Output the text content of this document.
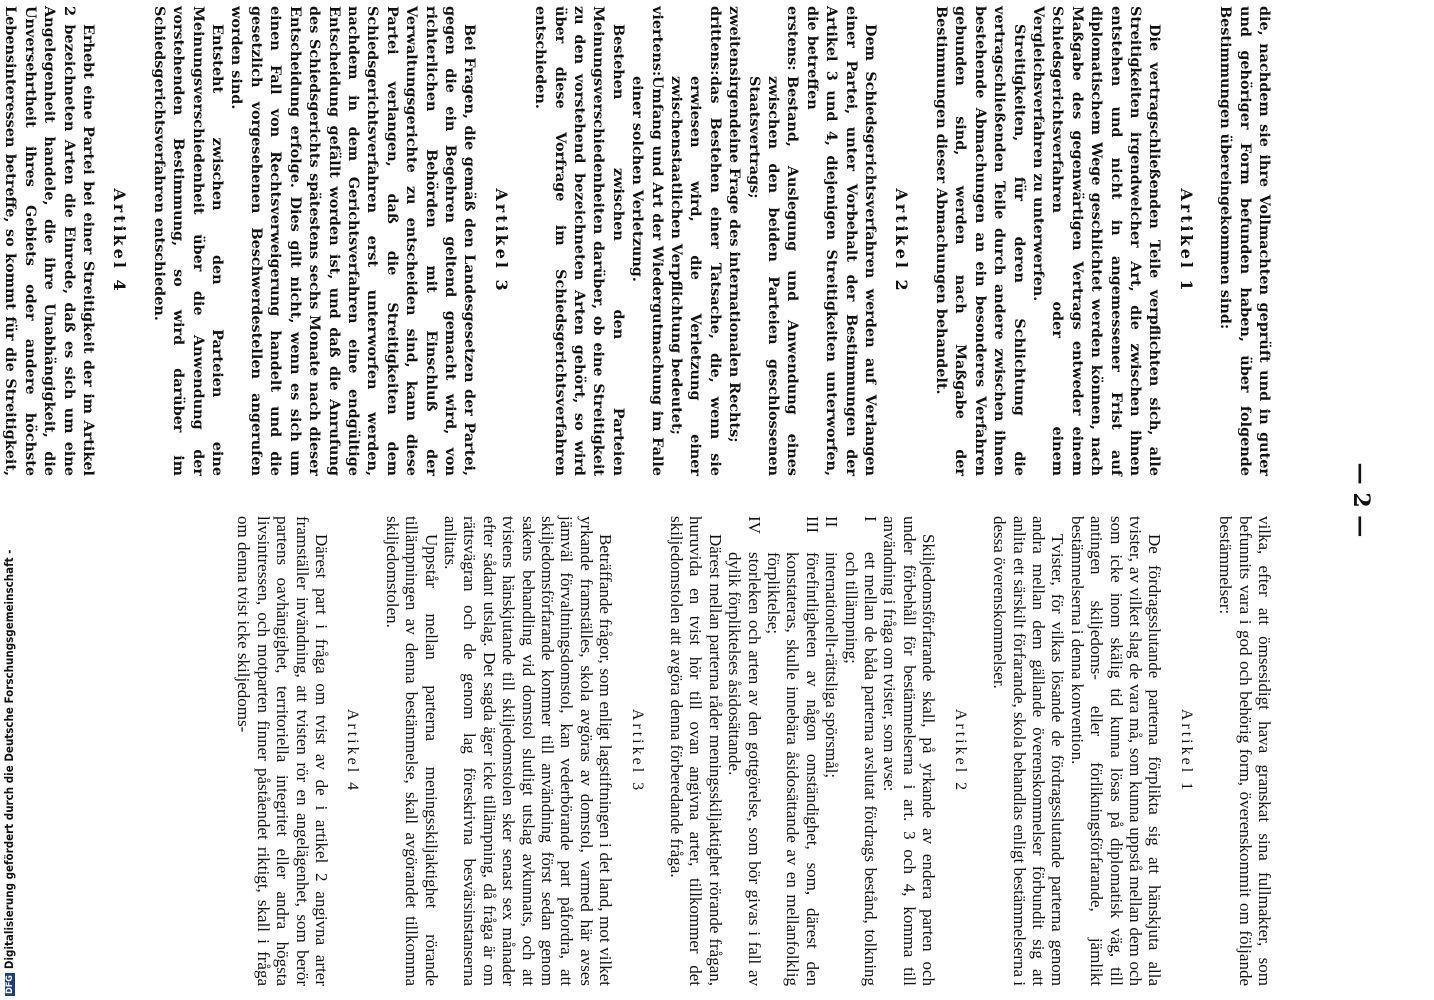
— 2 —

die, nachdem sie ihre Vollmachten geprüft und in guter und gehöriger Form befunden haben, über folgende Bestimmungen übereingekommen sind:

Artikel 1

Die vertragschließenden Teile verpflichten sich, alle Streitigkeiten irgendwelcher Art, die zwischen ihnen entstehen und nicht in angemessener Frist auf diplomatischem Wege geschlichtet werden können, nach Maßgabe des gegenwärtigen Vertrags entweder einem Schiedsgerichtsverfahren oder einem Vergleichsverfahren zu unterwerfen.

Streitigkeiten, für deren Schlichtung die vertragschließenden Teile durch andere zwischen ihnen bestehende Abmachungen an ein besonderes Verfahren gebunden sind, werden nach Maßgabe der Bestimmungen dieser Abmachungen behandelt.

Artikel 2

Dem Schiedsgerichtsverfahren werden auf Verlangen einer Partei, unter Vorbehalt der Bestimmungen der Artikel 3 und 4, diejenigen Streitigkeiten unterworfen, die betreffen

erstens:
Bestand, Auslegung und Anwendung eines zwischen den beiden Parteien geschlossenen Staatsvertrags;

zweitens:
irgendeine Frage des internationalen Rechts;

drittens:
das Bestehen einer Tatsache, die, wenn sie erwiesen wird, die Verletzung einer zwischenstaatlichen Verpflichtung bedeutet;

viertens:
Umfang und Art der Wiedergutmachung im Falle einer solchen Verletzung.

Bestehen zwischen den Parteien Meinungsverschiedenheiten darüber, ob eine Streitigkeit zu den vorstehend bezeichneten Arten gehört, so wird über diese Vorfrage im Schiedsgerichtsverfahren entschieden.

Artikel 3

Bei Fragen, die gemäß den Landesgesetzen der Partei, gegen die ein Begehren geltend gemacht wird, von richterlichen Behörden mit Einschluß der Verwaltungsgerichte zu entscheiden sind, kann diese Partei verlangen, daß die Streitigkeiten dem Schiedsgerichtsverfahren erst unterworfen werden, nachdem in dem Gerichtsverfahren eine endgültige Entscheidung gefällt worden ist, und daß die Anrufung des Schiedsgerichts spätestens sechs Monate nach dieser Entscheidung erfolge. Dies gilt nicht, wenn es sich um einen Fall von Rechtsverweigerung handelt und die gesetzlich vorgesehenen Beschwerdestellen angerufen worden sind.

Entsteht zwischen den Parteien eine Meinungsverschiedenheit über die Anwendung der vorstehenden Bestimmung, so wird darüber im Schiedsgerichtsverfahren entschieden.

Artikel 4

Erhebt eine Partei bei einer Streitigkeit der im Artikel 2 bezeichneten Arten die Einrede, daß es sich um eine Angelegenheit handele, die ihre Unabhängigkeit, die Unversehrtheit ihres Gebiets oder andere höchste Lebensinteressen betreffe, so kommt für die Streitigkeit,

vilka, efter att ömsesidigt hava granskat sina fullmakter, som befunnits vara i god och behörig form, överenskommit om följande bestämmelser:

Artikel 1

De fördragsslutande parterna förplikta sig att hänskjuta alla tvister, av vilket slag de vara må, som kunna uppstå mellan dem och som icke inom skälig tid kunna lösas på diplomatisk väg, till antingen skiljedoms- eller förlikningsförfarande, jämlikt bestämmelserna i denna konvention.

Tvister, för vilkas lösande de fördragsslutande parterna genom andra mellan dem gällande överenskommelser förbundit sig att anlita ett särskilt förfarande, skola behandlas enligt bestämmelserna i dessa överenskommelser.

Artikel 2

Skiljedomsförfarande skall, på yrkande av endera parten och under förbehåll för bestämmelserna i art. 3 och 4, komma till användning i fråga om tvister, som avse:

I
ett mellan de båda parterna avslutat fördrags bestånd, tolkning och tillämpning;

II
internationellt-rättsliga spörsmål;

III
förefintligheten av någon omständighet, som, därest den konstateras, skulle innebära åsidosättande av en mellanfolklig förpliktelse;

IV
storleken och arten av den gottgörelse, som bör givas i fall av dylik förpliktelses åsidosättande.

Därest mellan parterna råder meningsskiljaktighet rörande frågan, huruvida en tvist hör till ovan angivna arter, tillkommer det skiljedomstolen att avgöra denna förberedande fråga.

Artikel 3

Beträffande frågor, som enligt lagstiftningen i det land, mot vilket yrkande framställes, skola avgöras av domstol, varmed här avses jämväl förvaltningsdomstol, kan vederbörande part påfordra, att skiljedomsförfarande kommer till användning först sedan genom sakens behandling vid domstol slutligt utslag avkunnats, och att tvistens hänskjutande till skiljedomstolen sker senast sex månader efter sådant utslag. Det sagda äger icke tillämpning, då fråga är om rättsvägran och de genom lag föreskrivna besvärsinstanserna anlitats.

Uppstår mellan parterna meningsskiljaktighet rörande tillämpningen av denna bestämmelse, skall avgörandet tillkomma skiljedomstolen.

Artikel 4

Därest part i fråga om tvist av de i artikel 2 angivna arter framställer invändning, att tvisten rör en angelägenhet, som berör partens oavhängighet, territoriella integritet eller andra högsta livsintressen, och motparten finner påståendet riktigt, skall i fråga om denna tvist icke skiljedoms-

DFGDigitalisierung gefördert durch die Deutsche Forschungsgemeinschaft -
